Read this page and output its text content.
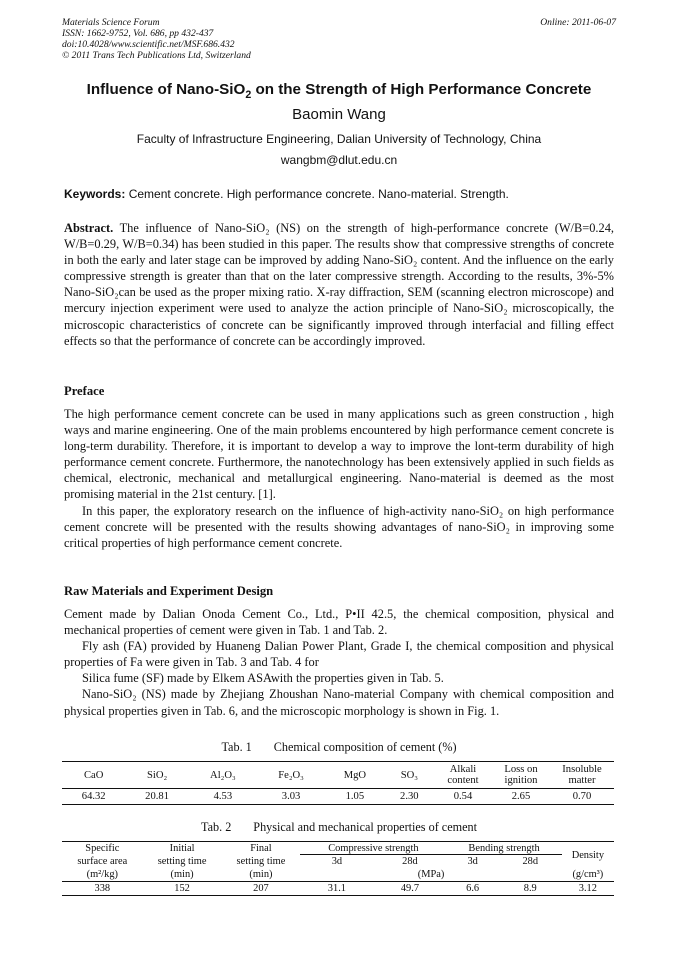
Materials Science Forum
ISSN: 1662-9752, Vol. 686, pp 432-437
doi:10.4028/www.scientific.net/MSF.686.432
© 2011 Trans Tech Publications Ltd, Switzerland
Online: 2011-06-07
Influence of Nano-SiO$_2$ on the Strength of High Performance Concrete
Baomin Wang
Faculty of Infrastructure Engineering, Dalian University of Technology, China
wangbm@dlut.edu.cn
Keywords: Cement concrete. High performance concrete. Nano-material. Strength.

Abstract. The influence of Nano-SiO₂ (NS) on the strength of high-performance concrete (W/B=0.24, W/B=0.29, W/B=0.34) has been studied in this paper. The results show that compressive strengths of concrete in both the early and later stage can be improved by adding Nano-SiO₂ content. And the influence on the early compressive strength is greater than that on the later compressive strength. According to the results, 3%-5% Nano-SiO₂can be used as the proper mixing ratio. X-ray diffraction, SEM (scanning electron microscope) and mercury injection experiment were used to analyze the action principle of Nano-SiO₂ microscopically, the microscopic characteristics of concrete can be significantly improved through interfacial and filling effect effects so that the performance of concrete can be accordingly improved.

Preface

The high performance cement concrete can be used in many applications such as green construction , high ways and marine engineering. One of the main problems encountered by high performance cement concrete is long-term durability. Therefore, it is important to develop a way to improve the lont-term durability of high performance cement concrete. Furthermore, the nanotechnology has been extensively applied in such fields as chemical, electronic, mechanical and metallurgical engineering. Nano-material is deemed as the most promising material in the 21st century. [1].

In this paper, the exploratory research on the influence of high-activity nano-SiO₂ on high performance cement concrete will be presented with the results showing advantages of nano-SiO₂ in improving some critical properties of high performance cement concrete.

Raw Materials and Experiment Design

Cement made by Dalian Onoda Cement Co., Ltd., P•II 42.5, the chemical composition, physical and mechanical properties of cement were given in Tab. 1 and Tab. 2.

Fly ash (FA) provided by Huaneng Dalian Power Plant, Grade I, the chemical composition and physical properties of Fa were given in Tab. 3 and Tab. 4 for

Silica fume (SF) made by Elkem ASAwith the properties given in Tab. 5.

Nano-SiO₂ (NS) made by Zhejiang Zhoushan Nano-material Company with chemical composition and physical properties given in Tab. 6, and the microscopic morphology is shown in Fig. 1.

Tab. 1 Chemical composition of cement (%)
CaO	SiO₂	Al₂O₃	Fe₂O₃	MgO	SO₃	Alkali content	Loss on ignition	Insoluble matter
64.32	20.81	4.53	3.03	1.05	2.30	0.54	2.65	0.70
Tab. 2 Physical and mechanical properties of cement
Specific	Initial	Final	Compressive strength		Bending strength		Density
surface area	setting time	setting time	3d	28d	3d	28d	
(m²/kg)	(min)	(min)	(MPa)				(g/cm³)
338	152	207	31.1	49.7	6.6	8.9	3.12
